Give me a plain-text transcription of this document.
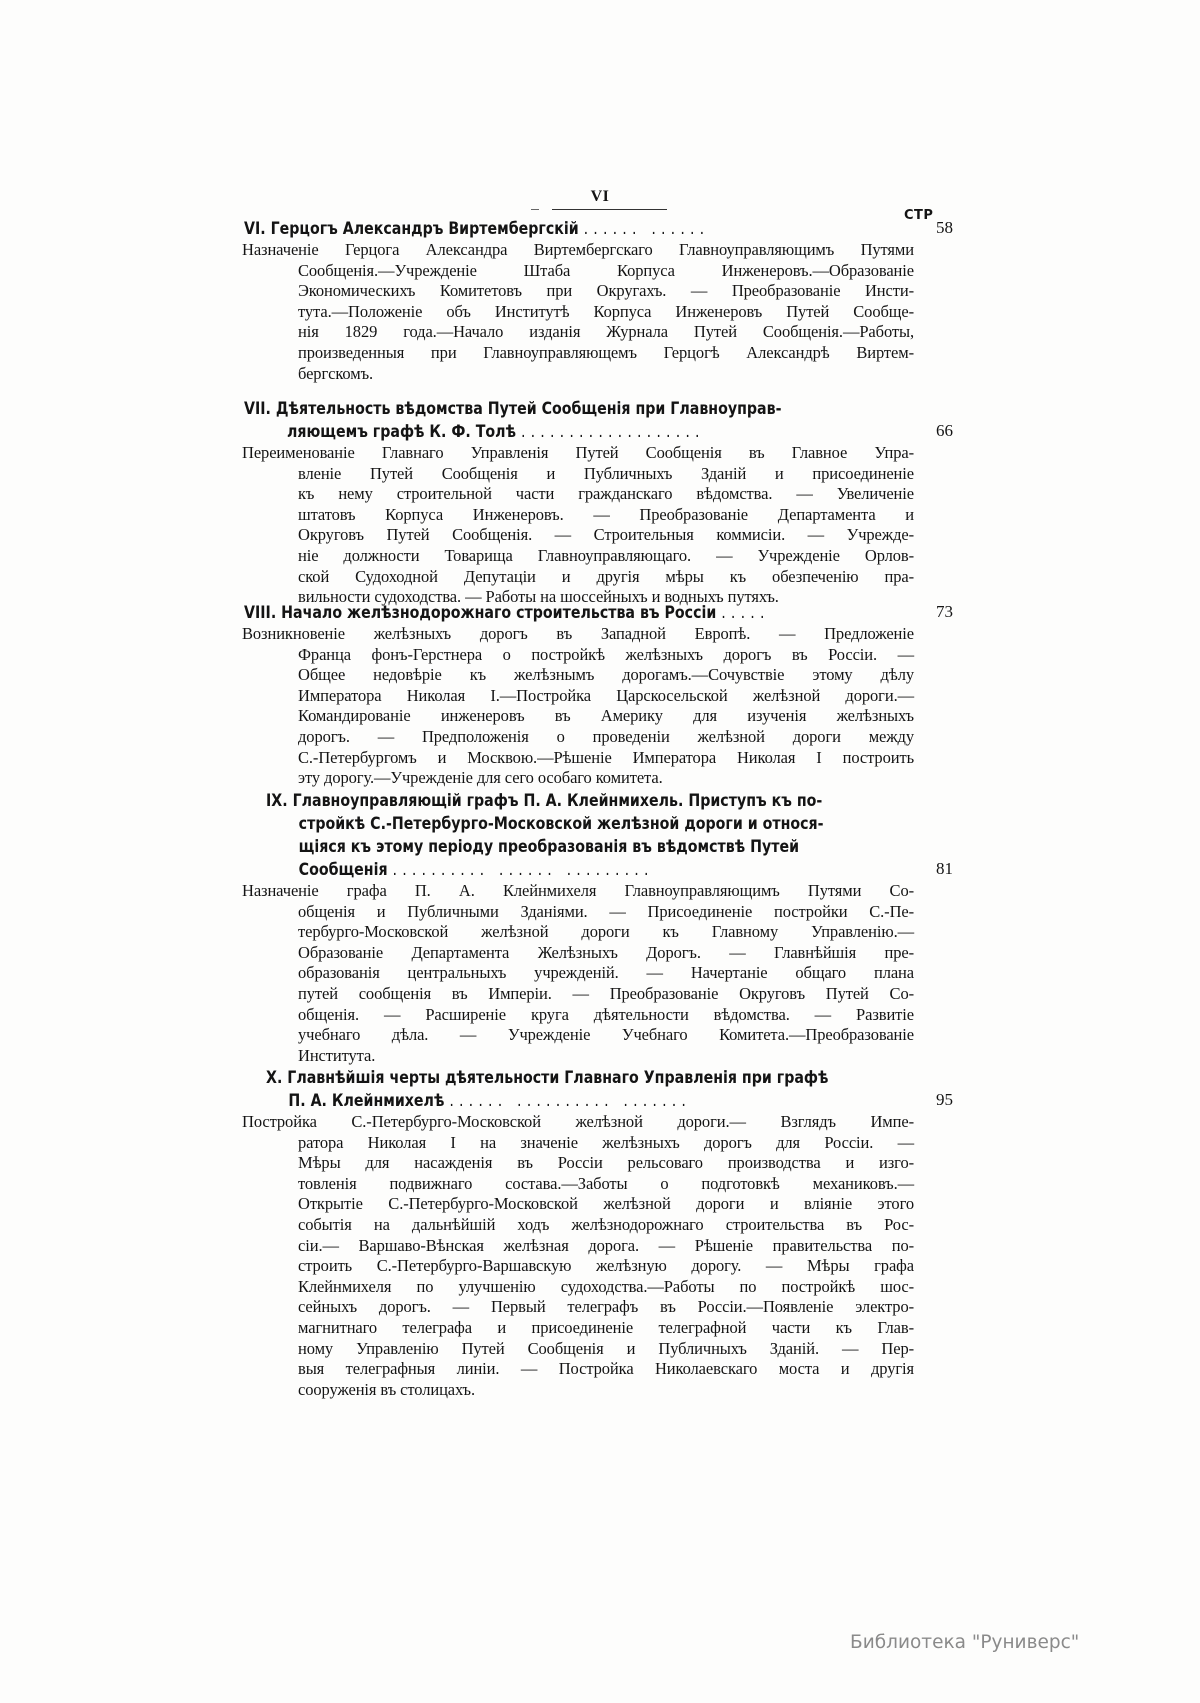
VI
СТР
VI. Герцогъ Александръ Виртембергскій ...... ......	58
Назначеніе Герцога Александра Виртембергскаго Главноуправляющимъ Путями
Сообщенія.—Учрежденіе Штаба Корпуса Инженеровъ.—Образованіе
Экономическихъ Комитетовъ при Округахъ. — Преобразованіе Инсти-
тута.—Положеніе объ Институтѣ Корпуса Инженеровъ Путей Сообще-
нія 1829 года.—Начало изданія Журнала Путей Сообщенія.—Работы,
произведенныя при Главноуправляющемъ Герцогѣ Александрѣ Виртем-
бергскомъ.
VII. Дѣятельность вѣдомства Путей Сообщенія при Главноуправ-
ляющемъ графѣ К. Ф. Толѣ ...................	66
Переименованіе Главнаго Управленія Путей Сообщенія въ Главное Упра-
вленіе Путей Сообщенія и Публичныхъ Зданій и присоединеніе
къ нему строительной части гражданскаго вѣдомства. — Увеличеніе
штатовъ Корпуса Инженеровъ. — Преобразованіе Департамента и
Округовъ Путей Сообщенія. — Строительныя коммисіи. — Учрежде-
ніе должности Товарища Главноуправляющаго. — Учрежденіе Орлов-
ской Судоходной Депутаціи и другія мѣры къ обезпеченію пра-
вильности судоходства. — Работы на шоссейныхъ и водныхъ путяхъ.
VIII. Начало желѣзнодорожнаго строительства въ Россіи .....	73
Возникновеніе желѣзныхъ дорогъ въ Западной Европѣ. — Предложеніе
Франца фонъ-Герстнера о постройкѣ желѣзныхъ дорогъ въ Россіи. —
Общее недовѣріе къ желѣзнымъ дорогамъ.—Сочувствіе этому дѣлу
Императора Николая I.—Постройка Царскосельской желѣзной дороги.—
Командированіе инженеровъ въ Америку для изученія желѣзныхъ
дорогъ. — Предположенія о проведеніи желѣзной дороги между
С.-Петербургомъ и Москвою.—Рѣшеніе Императора Николая I построить
эту дорогу.—Учрежденіе для сего особаго комитета.
IX. Главноуправляющій графъ П. А. Клейнмихель. Приступъ къ по-
стройкѣ С.-Петербурго-Московской желѣзной дороги и относя-
щіяся къ этому періоду преобразованія въ вѣдомствѣ Путей
Сообщенія .......... ...... .........	81
Назначеніе графа П. А. Клейнмихеля Главноуправляющимъ Путями Со-
общенія и Публичными Зданіями. — Присоединеніе постройки С.-Пе-
тербурго-Московской желѣзной дороги къ Главному Управленію.—
Образованіе Департамента Желѣзныхъ Дорогъ. — Главнѣйшія пре-
образованія центральныхъ учрежденій. — Начертаніе общаго плана
путей сообщенія въ Имперіи. — Преобразованіе Округовъ Путей Со-
общенія. — Расширеніе круга дѣятельности вѣдомства. — Развитіе
учебнаго дѣла. — Учрежденіе Учебнаго Комитета.—Преобразованіе
Института.
X. Главнѣйшія черты дѣятельности Главнаго Управленія при графѣ
П. А. Клейнмихелѣ ...... .......... .......	95
Постройка С.-Петербурго-Московской желѣзной дороги.— Взглядъ Импе-
ратора Николая I на значеніе желѣзныхъ дорогъ для Россіи. —
Мѣры для насажденія въ Россіи рельсоваго производства и изго-
товленія подвижнаго состава.—Заботы о подготовкѣ механиковъ.—
Открытіе С.-Петербурго-Московской желѣзной дороги и вліяніе этого
событія на дальнѣйшій ходъ желѣзнодорожнаго строительства въ Рос-
сіи.— Варшаво-Вѣнская желѣзная дорога. — Рѣшеніе правительства по-
строить С.-Петербурго-Варшавскую желѣзную дорогу. — Мѣры графа
Клейнмихеля по улучшенію судоходства.—Работы по постройкѣ шос-
сейныхъ дорогъ. — Первый телеграфъ въ Россіи.—Появленіе электро-
магнитнаго телеграфа и присоединеніе телеграфной части къ Глав-
ному Управленію Путей Сообщенія и Публичныхъ Зданій. — Пер-
выя телеграфныя линіи. — Постройка Николаевскаго моста и другія
сооруженія въ столицахъ.
Библиотека "Руниверс"
